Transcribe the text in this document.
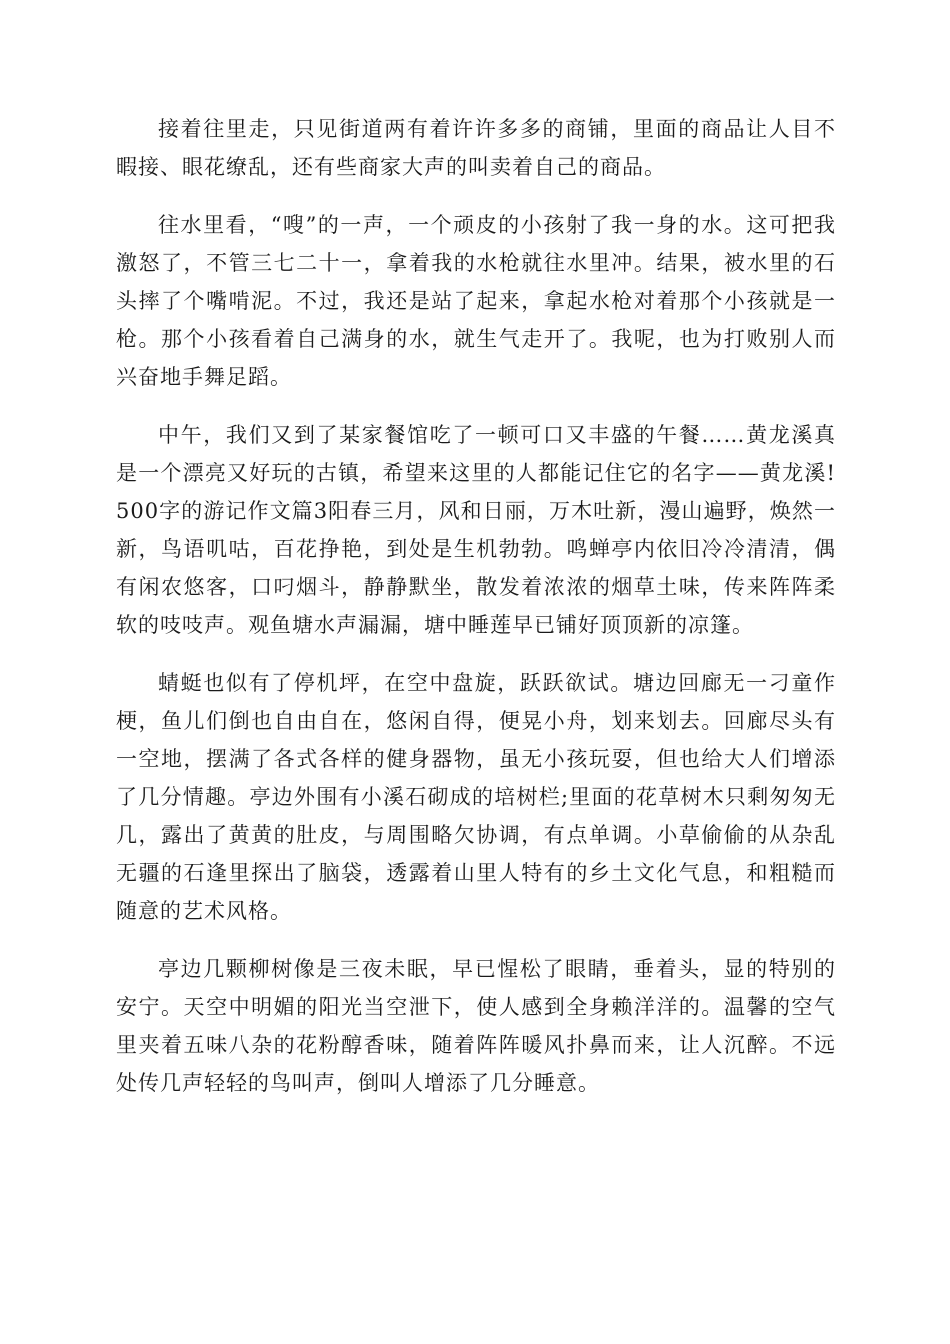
接着往里走，只见街道两有着许许多多的商铺，里面的商品让人目不暇接、眼花缭乱，还有些商家大声的叫卖着自己的商品。

往水里看，“嗖”的一声，一个顽皮的小孩射了我一身的水。这可把我激怒了，不管三七二十一，拿着我的水枪就往水里冲。结果，被水里的石头摔了个嘴啃泥。不过，我还是站了起来，拿起水枪对着那个小孩就是一枪。那个小孩看着自己满身的水，就生气走开了。我呢，也为打败别人而兴奋地手舞足蹈。

中午，我们又到了某家餐馆吃了一顿可口又丰盛的午餐……黄龙溪真是一个漂亮又好玩的古镇，希望来这里的人都能记住它的名字——黄龙溪!500字的游记作文篇3阳春三月，风和日丽，万木吐新，漫山遍野，焕然一新，鸟语叽咕，百花挣艳，到处是生机勃勃。鸣蝉亭内依旧冷冷清清，偶有闲农悠客，口叼烟斗，静静默坐，散发着浓浓的烟草土味，传来阵阵柔软的吱吱声。观鱼塘水声漏漏，塘中睡莲早已铺好顶顶新的凉篷。

蜻蜓也似有了停机坪，在空中盘旋，跃跃欲试。塘边回廊无一刁童作梗，鱼儿们倒也自由自在，悠闲自得，便晃小舟，划来划去。回廊尽头有一空地，摆满了各式各样的健身器物，虽无小孩玩耍，但也给大人们增添了几分情趣。亭边外围有小溪石砌成的培树栏;里面的花草树木只剩匆匆无几，露出了黄黄的肚皮，与周围略欠协调，有点单调。小草偷偷的从杂乱无疆的石逢里探出了脑袋，透露着山里人特有的乡土文化气息，和粗糙而随意的艺术风格。

亭边几颗柳树像是三夜未眠，早已惺松了眼睛，垂着头，显的特别的安宁。天空中明媚的阳光当空泄下，使人感到全身赖洋洋的。温馨的空气里夹着五味八杂的花粉醇香味，随着阵阵暖风扑鼻而来，让人沉醉。不远处传几声轻轻的鸟叫声，倒叫人增添了几分睡意。
